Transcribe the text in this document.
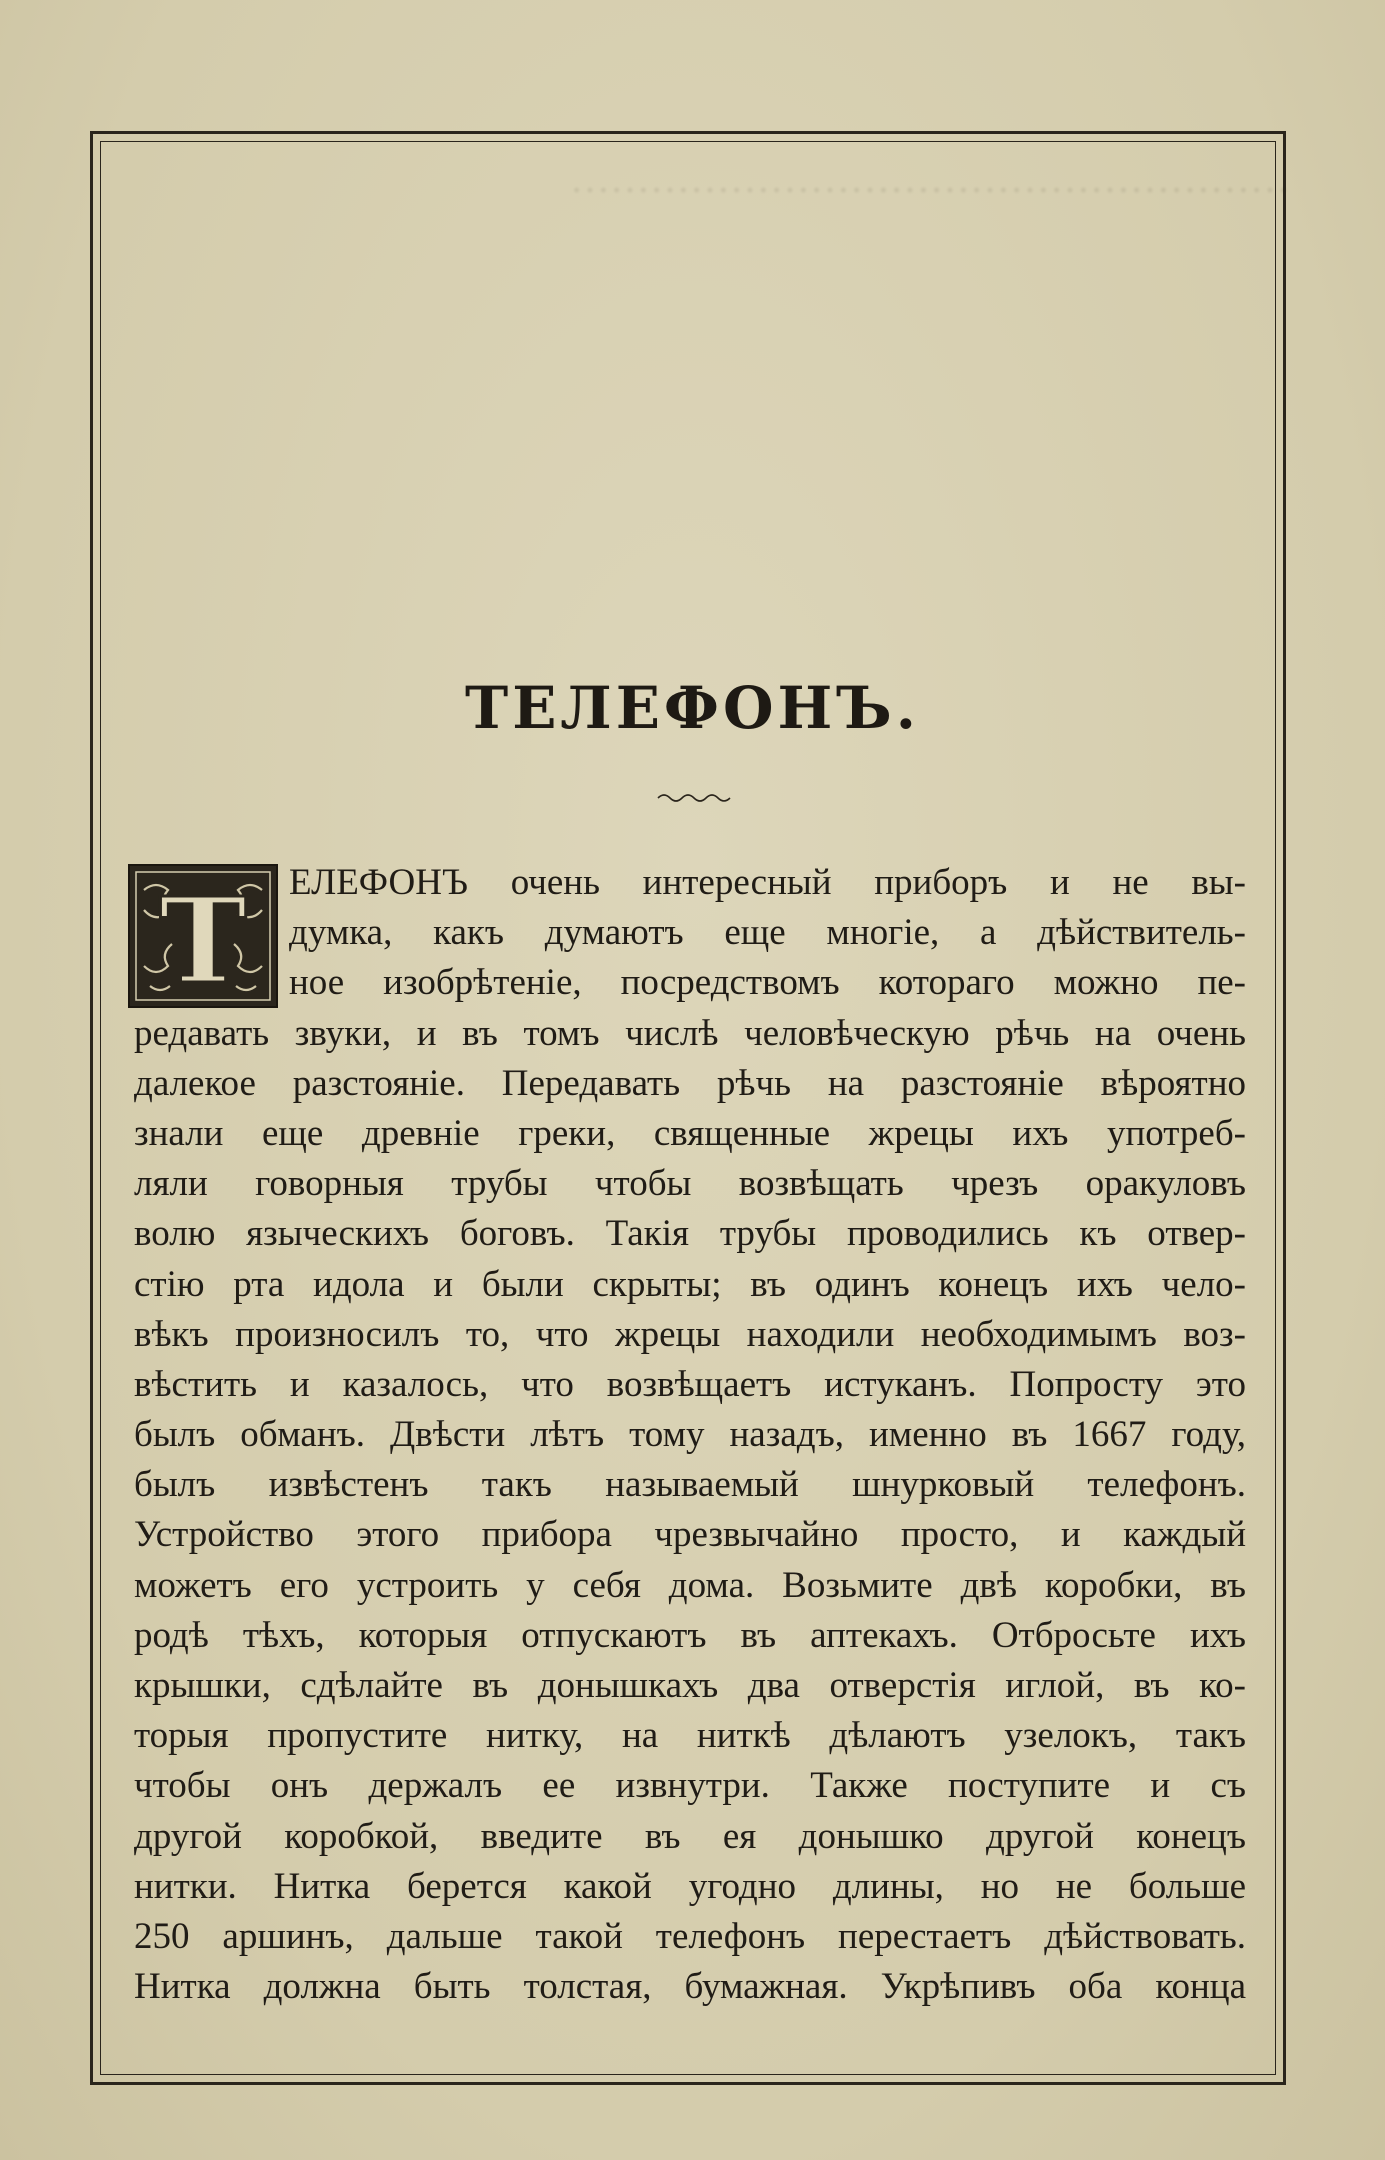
………………………………………………
ТЕЛЕФОНЪ.
Т ЕЛЕФОНЪ очень интересный приборъ и не вы-
думка, какъ думаютъ еще многіе, а дѣйствитель-
ное изобрѣтеніе, посредствомъ котораго можно пе-
редавать звуки, и въ томъ числѣ человѣческую рѣчь на очень
далекое разстояніе. Передавать рѣчь на разстояніе вѣроятно
знали еще древніе греки, священные жрецы ихъ употреб-
ляли говорныя трубы чтобы возвѣщать чрезъ оракуловъ
волю языческихъ боговъ. Такія трубы проводились къ отвер-
стію рта идола и были скрыты; въ одинъ конецъ ихъ чело-
вѣкъ произносилъ то, что жрецы находили необходимымъ воз-
вѣстить и казалось, что возвѣщаетъ истуканъ. Попросту это
былъ обманъ. Двѣсти лѣтъ тому назадъ, именно въ 1667 году,
былъ извѣстенъ такъ называемый шнурковый телефонъ.
Устройство этого прибора чрезвычайно просто, и каждый
можетъ его устроить у себя дома. Возьмите двѣ коробки, въ
родѣ тѣхъ, которыя отпускаютъ въ аптекахъ. Отбросьте ихъ
крышки, сдѣлайте въ донышкахъ два отверстія иглой, въ ко-
торыя пропустите нитку, на ниткѣ дѣлаютъ узелокъ, такъ
чтобы онъ держалъ ее извнутри. Также поступите и съ
другой коробкой, введите въ ея донышко другой конецъ
нитки. Нитка берется какой угодно длины, но не больше
250 аршинъ, дальше такой телефонъ перестаетъ дѣйствовать.
Нитка должна быть толстая, бумажная. Укрѣпивъ оба конца
